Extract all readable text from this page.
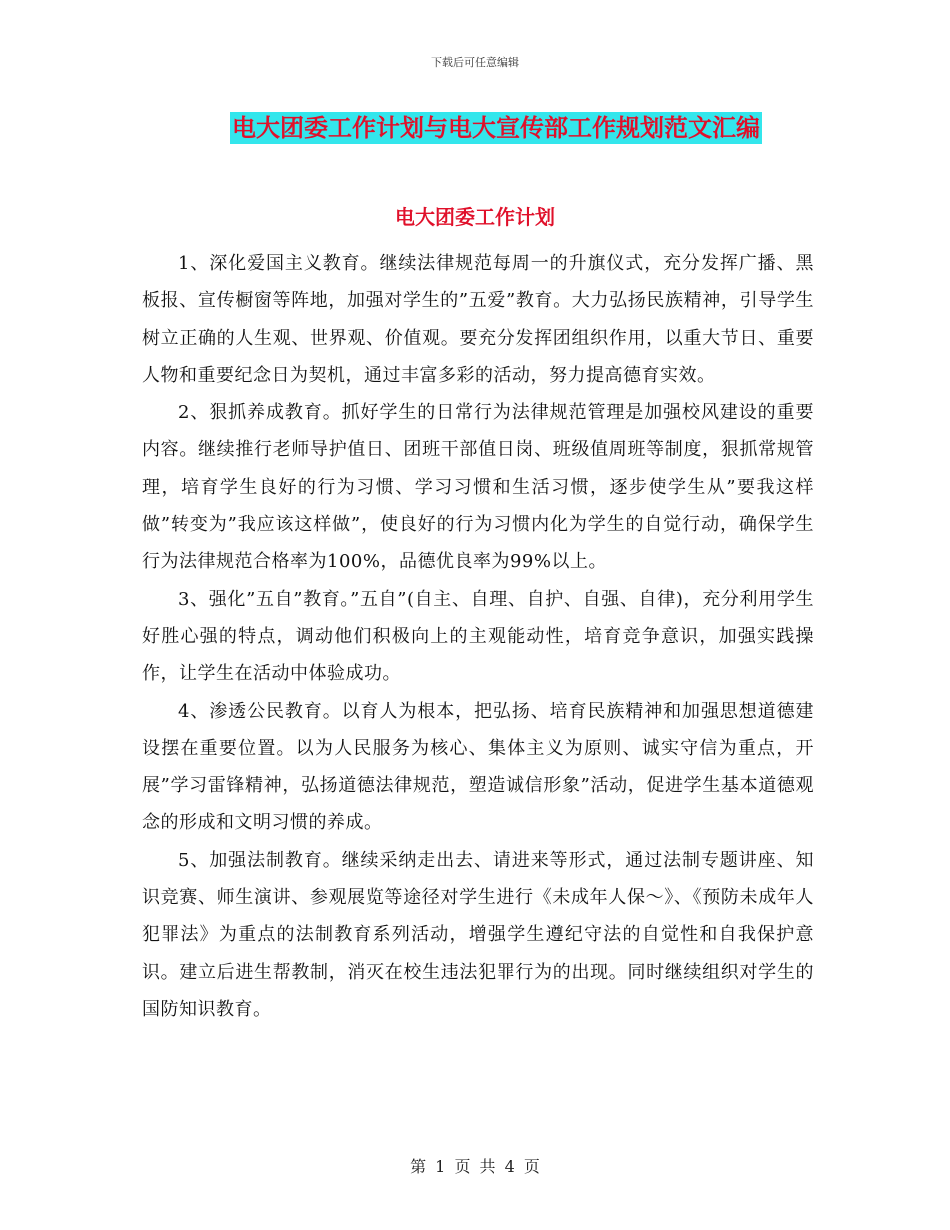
下载后可任意编辑
电大团委工作计划与电大宣传部工作规划范文汇编
电大团委工作计划

1、深化爱国主义教育。继续法律规范每周一的升旗仪式，充分发挥广播、黑板报、宣传橱窗等阵地，加强对学生的”五爱”教育。大力弘扬民族精神，引导学生树立正确的人生观、世界观、价值观。要充分发挥团组织作用，以重大节日、重要人物和重要纪念日为契机，通过丰富多彩的活动，努力提高德育实效。

2、狠抓养成教育。抓好学生的日常行为法律规范管理是加强校风建设的重要内容。继续推行老师导护值日、团班干部值日岗、班级值周班等制度，狠抓常规管理，培育学生良好的行为习惯、学习习惯和生活习惯，逐步使学生从”要我这样做”转变为”我应该这样做”，使良好的行为习惯内化为学生的自觉行动，确保学生行为法律规范合格率为100%，品德优良率为99%以上。

3、强化”五自”教育。”五自”(自主、自理、自护、自强、自律)，充分利用学生好胜心强的特点，调动他们积极向上的主观能动性，培育竞争意识，加强实践操作，让学生在活动中体验成功。

4、渗透公民教育。以育人为根本，把弘扬、培育民族精神和加强思想道德建设摆在重要位置。以为人民服务为核心、集体主义为原则、诚实守信为重点，开展”学习雷锋精神，弘扬道德法律规范，塑造诚信形象”活动，促进学生基本道德观念的形成和文明习惯的养成。

5、加强法制教育。继续采纳走出去、请进来等形式，通过法制专题讲座、知识竞赛、师生演讲、参观展览等途径对学生进行《未成年人保～》、《预防未成年人犯罪法》为重点的法制教育系列活动，增强学生遵纪守法的自觉性和自我保护意识。建立后进生帮教制，消灭在校生违法犯罪行为的出现。同时继续组织对学生的国防知识教育。

第 1 页 共 4 页
